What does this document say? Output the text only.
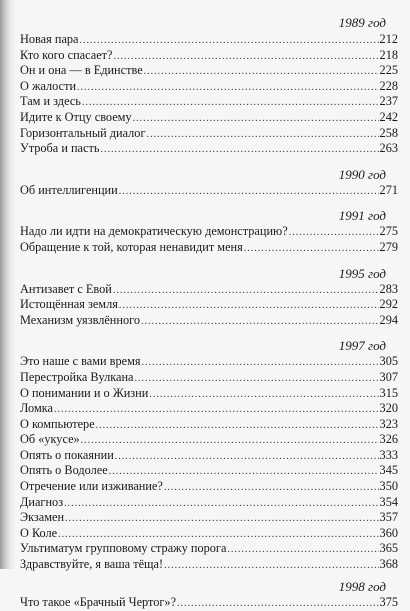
1989 год
Новая пара .....	212
Кто кого спасает? .....	218
Он и она — в Единстве .....	225
О жалости .....	228
Там и здесь .....	237
Идите к Отцу своему .....	242
Горизонтальный диалог .....	258
Утроба и пасть .....	263
1990 год
Об интеллигенции .....	271
1991 год
Надо ли идти на демократическую демонстрацию? .....	275
Обращение к той, которая ненавидит меня .....	279
1995 год
Антизавет с Евой .....	283
Истощённая земля .....	292
Механизм уязвлённого .....	294
1997 год
Это наше с вами время .....	305
Перестройка Вулкана .....	307
О понимании и о Жизни .....	315
Ломка .....	320
О компьютере .....	323
Об «укусе» .....	326
Опять о покаянии .....	333
Опять о Водолее .....	345
Отречение или изживание? .....	350
Диагноз .....	354
Экзамен .....	357
О Коле .....	360
Ультиматум групповому стражу порога .....	365
Здравствуйте, я ваша тёща! .....	368
1998 год
Что такое «Брачный Чертог»? .....	375
